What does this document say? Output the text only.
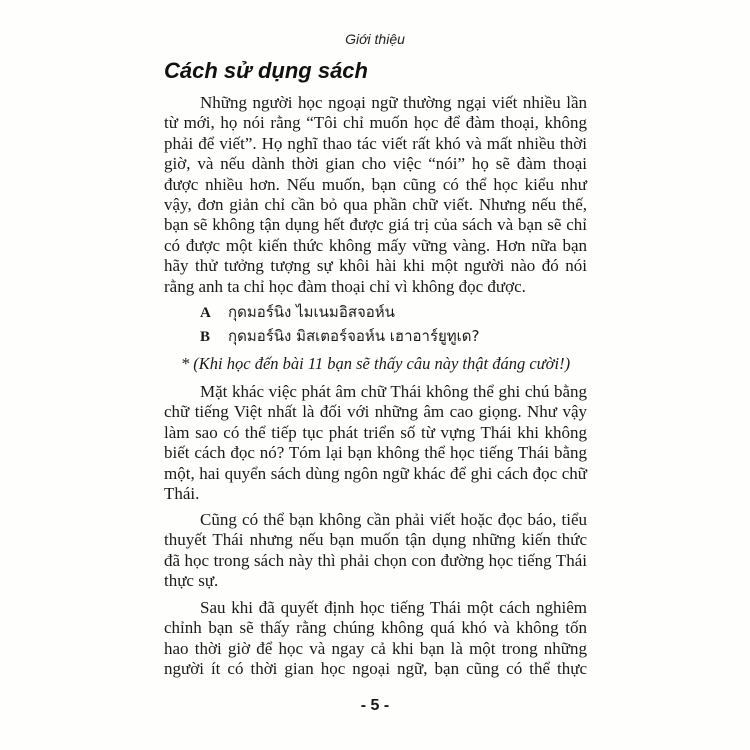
Giới thiệu
Cách sử dụng sách

Những người học ngoại ngữ thường ngại viết nhiều lần từ mới, họ nói rằng “Tôi chỉ muốn học để đàm thoại, không phải để viết”. Họ nghĩ thao tác viết rất khó và mất nhiều thời giờ, và nếu dành thời gian cho việc “nói” họ sẽ đàm thoại được nhiều hơn. Nếu muốn, bạn cũng có thể học kiểu như vậy, đơn giản chỉ cần bỏ qua phần chữ viết. Nhưng nếu thế, bạn sẽ không tận dụng hết được giá trị của sách và bạn sẽ chỉ có được một kiến thức không mấy vững vàng. Hơn nữa bạn hãy thử tưởng tượng sự khôi hài khi một người nào đó nói rằng anh ta chỉ học đàm thoại chỉ vì không đọc được.

A กุดมอร์นิง ไมเนมอิสจอห์น
B กุดมอร์นิง มิสเตอร์จอห์น เฮาอาร์ยูทูเด?
* (Khi học đến bài 11 bạn sẽ thấy câu này thật đáng cười!)

Mặt khác việc phát âm chữ Thái không thể ghi chú bằng chữ tiếng Việt nhất là đối với những âm cao giọng. Như vậy làm sao có thể tiếp tục phát triển số từ vựng Thái khi không biết cách đọc nó? Tóm lại bạn không thể học tiếng Thái bằng một, hai quyển sách dùng ngôn ngữ khác để ghi cách đọc chữ Thái.

Cũng có thể bạn không cần phải viết hoặc đọc báo, tiểu thuyết Thái nhưng nếu bạn muốn tận dụng những kiến thức đã học trong sách này thì phải chọn con đường học tiếng Thái thực sự.

Sau khi đã quyết định học tiếng Thái một cách nghiêm chỉnh bạn sẽ thấy rằng chúng không quá khó và không tốn hao thời giờ để học và ngay cả khi bạn là một trong những người ít có thời gian học ngoại ngữ, bạn cũng có thể thực

- 5 -
